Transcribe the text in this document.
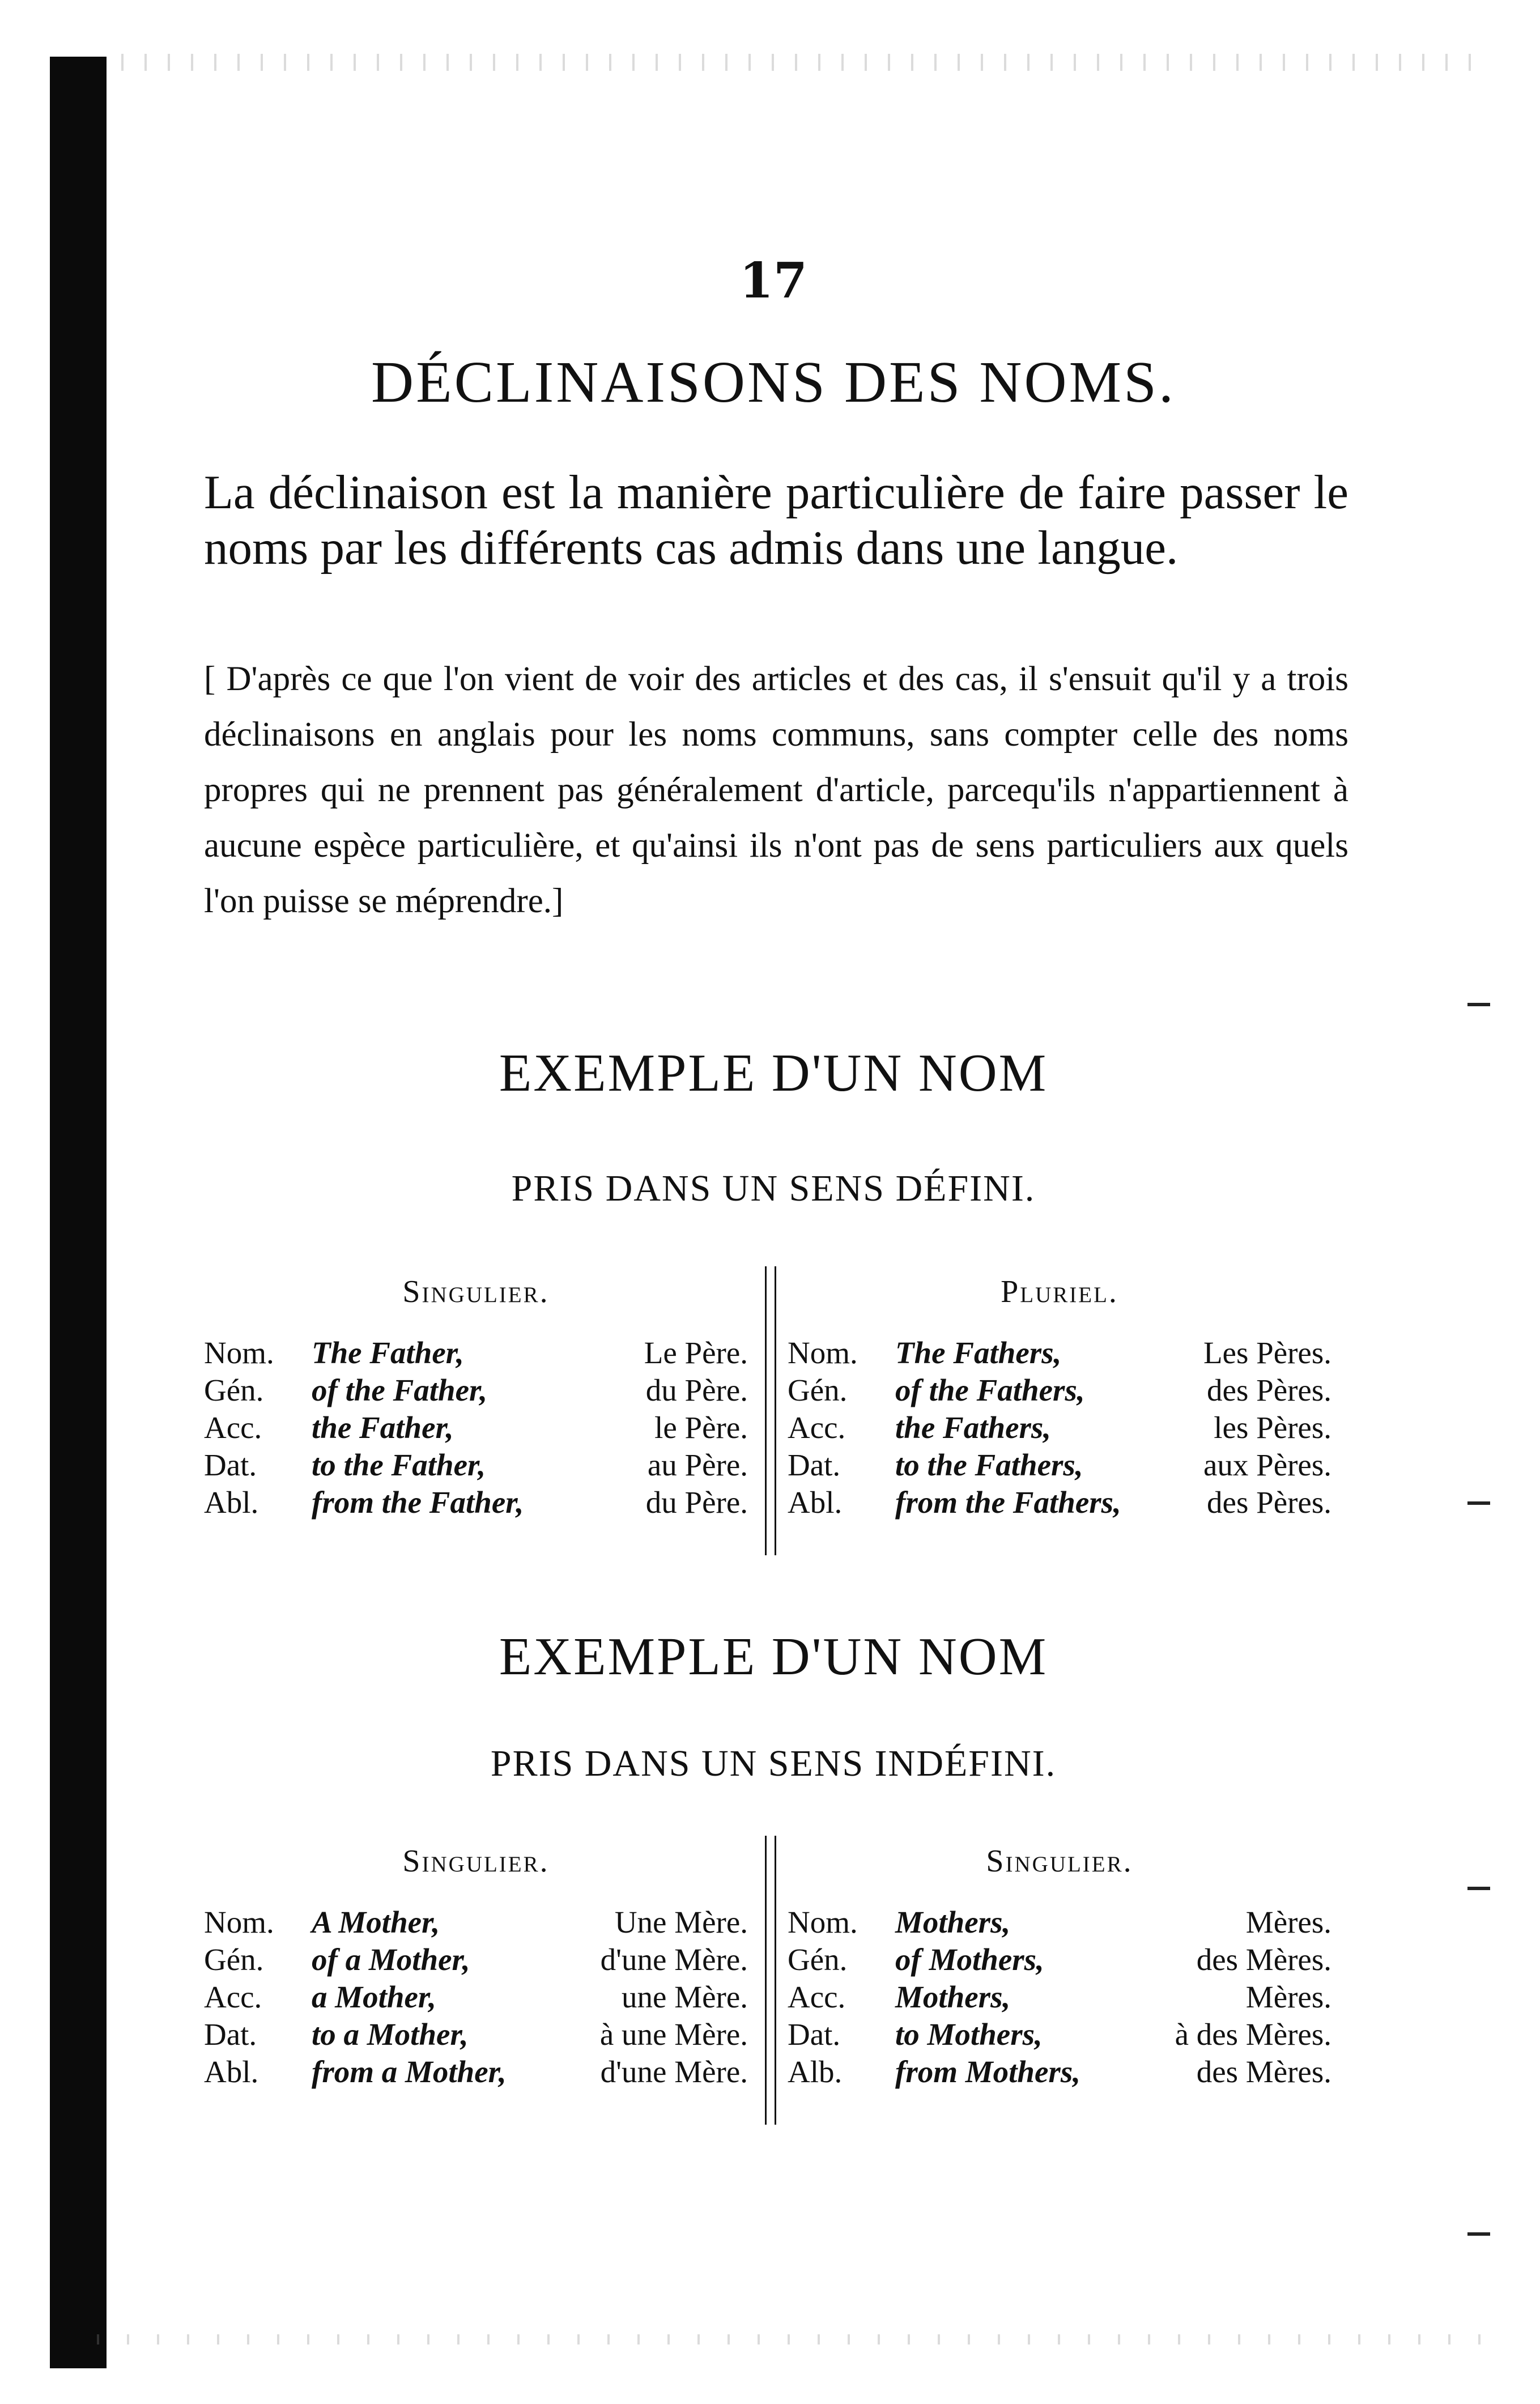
17
DÉCLINAISONS DES NOMS.
La déclinaison est la manière particulière de faire passer le noms par les différents cas admis dans une langue.
[ D'après ce que l'on vient de voir des articles et des cas, il s'ensuit qu'il y a trois déclinaisons en anglais pour les noms communs, sans compter celle des noms propres qui ne prennent pas généralement d'article, parcequ'ils n'appartiennent à aucune espèce particulière, et qu'ainsi ils n'ont pas de sens particuliers aux quels l'on puisse se méprendre.]
EXEMPLE D'UN NOM
PRIS DANS UN SENS DÉFINI.
Singulier.
Nom.	The Father,	Le Père.
Gén.	of the Father,	du Père.
Acc.	the Father,	le Père.
Dat.	to the Father,	au Père.
Abl.	from the Father,	du Père.
Pluriel.
Nom.	The Fathers,	Les Pères.
Gén.	of the Fathers,	des Pères.
Acc.	the Fathers,	les Pères.
Dat.	to the Fathers,	aux Pères.
Abl.	from the Fathers,	des Pères.
EXEMPLE D'UN NOM
PRIS DANS UN SENS INDÉFINI.
Singulier.
Nom.	A Mother,	Une Mère.
Gén.	of a Mother,	d'une Mère.
Acc.	a Mother,	une Mère.
Dat.	to a Mother,	à une Mère.
Abl.	from a Mother,	d'une Mère.
Singulier.
Nom.	Mothers,	Mères.
Gén.	of Mothers,	des Mères.
Acc.	Mothers,	Mères.
Dat.	to Mothers,	à des Mères.
Alb.	from Mothers,	des Mères.
